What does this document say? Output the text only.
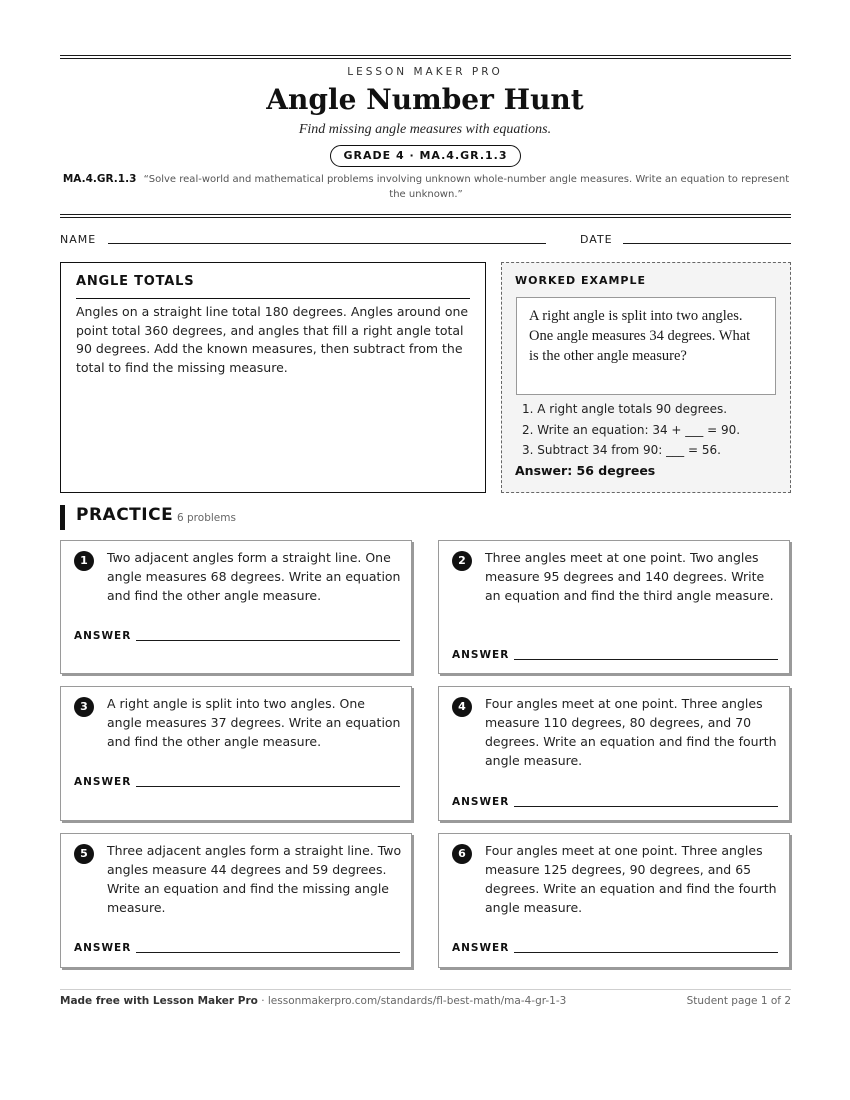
LESSON MAKER PRO
Angle Number Hunt
Find missing angle measures with equations.
GRADE 4 · MA.4.GR.1.3
MA.4.GR.1.3 “Solve real-world and mathematical problems involving unknown whole-number angle measures. Write an equation to represent the unknown.”
NAME	DATE
ANGLE TOTALS
Angles on a straight line total 180 degrees. Angles around one point total 360 degrees, and angles that fill a right angle total 90 degrees. Add the known measures, then subtract from the total to find the missing measure.
WORKED EXAMPLE
A right angle is split into two angles. One angle measures 34 degrees. What is the other angle measure?
1. A right angle totals 90 degrees.
2. Write an equation: 34 + ___ = 90.
3. Subtract 34 from 90: ___ = 56.
Answer: 56 degrees
PRACTICE 6 problems
1	Two adjacent angles form a straight line. One angle measures 68 degrees. Write an equation and find the other angle measure.
ANSWER
2	Three angles meet at one point. Two angles measure 95 degrees and 140 degrees. Write an equation and find the third angle measure.
ANSWER
3	A right angle is split into two angles. One angle measures 37 degrees. Write an equation and find the other angle measure.
ANSWER
4	Four angles meet at one point. Three angles measure 110 degrees, 80 degrees, and 70 degrees. Write an equation and find the fourth angle measure.
ANSWER
5	Three adjacent angles form a straight line. Two angles measure 44 degrees and 59 degrees. Write an equation and find the missing angle measure.
ANSWER
6	Four angles meet at one point. Three angles measure 125 degrees, 90 degrees, and 65 degrees. Write an equation and find the fourth angle measure.
ANSWER
Made free with Lesson Maker Pro · lessonmakerpro.com/standards/fl-best-math/ma-4-gr-1-3	Student page 1 of 2
